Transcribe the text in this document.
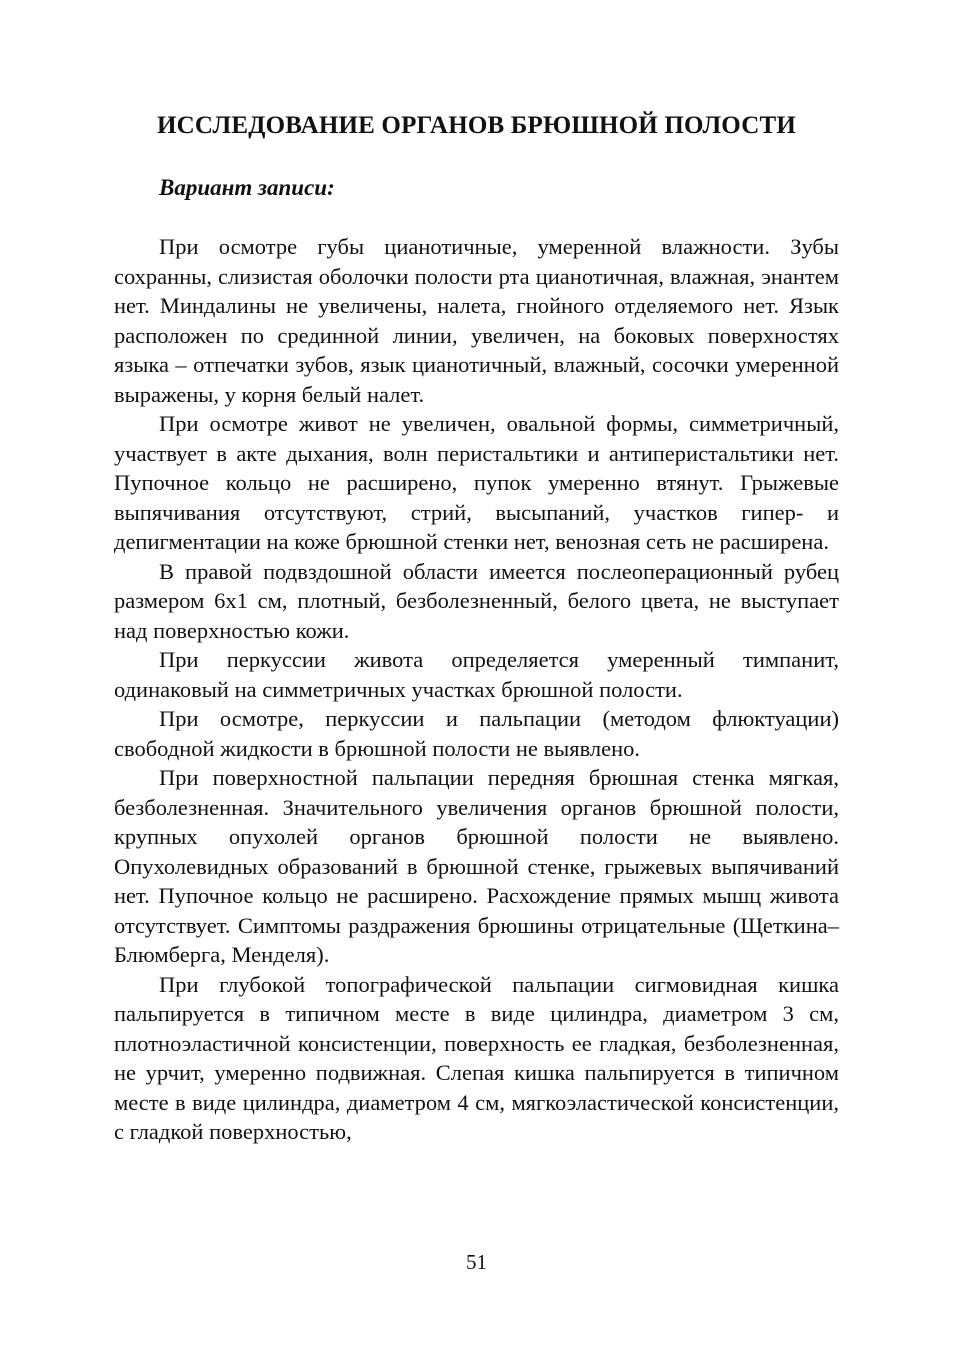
ИССЛЕДОВАНИЕ ОРГАНОВ БРЮШНОЙ ПОЛОСТИ
Вариант записи:

При осмотре губы цианотичные, умеренной влажности. Зубы сохранны, слизистая оболочки полости рта цианотичная, влажная, энантем нет. Миндалины не увеличены, налета, гнойного отделяемого нет. Язык расположен по срединной линии, увеличен, на боковых поверхностях языка – отпечатки зубов, язык цианотичный, влажный, сосочки умеренной выражены, у корня белый налет.

При осмотре живот не увеличен, овальной формы, симметричный, участвует в акте дыхания, волн перистальтики и антиперистальтики нет. Пупочное кольцо не расширено, пупок умеренно втянут. Грыжевые выпячивания отсутствуют, стрий, высыпаний, участков гипер- и депигментации на коже брюшной стенки нет, венозная сеть не расширена.

В правой подвздошной области имеется послеоперационный рубец размером 6х1 см, плотный, безболезненный, белого цвета, не выступает над поверхностью кожи.

При перкуссии живота определяется умеренный тимпанит, одинаковый на симметричных участках брюшной полости.

При осмотре, перкуссии и пальпации (методом флюктуации) свободной жидкости в брюшной полости не выявлено.

При поверхностной пальпации передняя брюшная стенка мягкая, безболезненная. Значительного увеличения органов брюшной полости, крупных опухолей органов брюшной полости не выявлено. Опухолевидных образований в брюшной стенке, грыжевых выпячиваний нет. Пупочное кольцо не расширено. Расхождение прямых мышц живота отсутствует. Симптомы раздражения брюшины отрицательные (Щеткина–Блюмберга, Менделя).

При глубокой топографической пальпации сигмовидная кишка пальпируется в типичном месте в виде цилиндра, диаметром 3 см, плотноэластичной консистенции, поверхность ее гладкая, безболезненная, не урчит, умеренно подвижная. Слепая кишка пальпируется в типичном месте в виде цилиндра, диаметром 4 см, мягкоэластической консистенции, с гладкой поверхностью,

51
